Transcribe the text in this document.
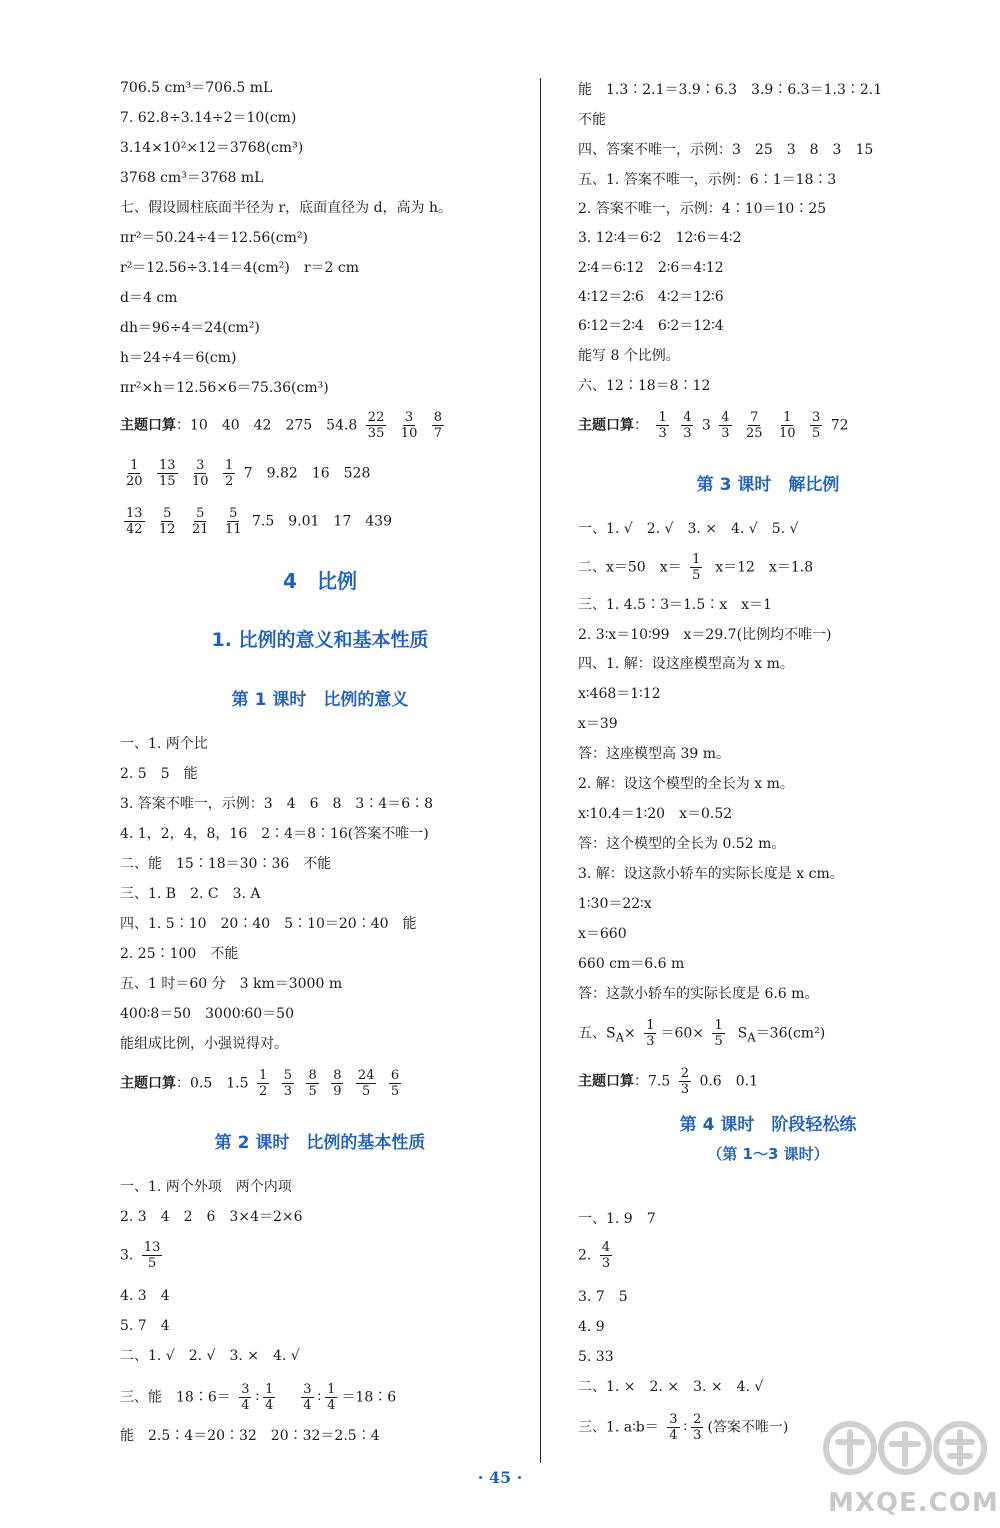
706.5 cm³＝706.5 mL
7. 62.8÷3.14÷2＝10(cm)
3.14×10²×12＝3768(cm³)
3768 cm³＝3768 mL
七、假设圆柱底面半径为 r，底面直径为 d，高为 h。
πr²＝50.24÷4＝12.56(cm²)
r²＝12.56÷3.14＝4(cm²)　r＝2 cm
d＝4 cm
dh＝96÷4＝24(cm²)
h＝24÷4＝6(cm)
πr²×h＝12.56×6＝75.36(cm³)
主题口算：10　40　42　275　$54.8 \frac{22}{35}$
$\frac{3}{10}$
$\frac{8}{7}$
$\frac{1}{20}$
$\frac{13}{15}$
$\frac{3}{10}$
$\frac{1}{2} 7$　9.82　16　528
$\frac{13}{42}$
$\frac{5}{12}$
$\frac{5}{21}$
$\frac{5}{11} 7.5$　9.01　17　439
4　比例
1. 比例的意义和基本性质
第 1 课时　比例的意义
一、1. 两个比
2. 5　5　能
3. 答案不唯一，示例：3　4　6　8　3∶4＝6∶8
4. 1，2，4，8，16　2∶4＝8∶16(答案不唯一)
二、能　15∶18＝30∶36　不能
三、1. B　2. C　3. A
四、1. 5∶10　20∶40　5∶10＝20∶40　能
2. 25∶100　不能
五、1 时＝60 分　3 km＝3000 m
400∶8＝50　3000∶60＝50
能组成比例，小强说得对。
主题口算：0.5　$1.5 \frac{1}{2}$
$\frac{5}{3}$
$\frac{8}{5}$
$\frac{8}{9}$
$\frac{24}{5}$
$\frac{6}{5}$
第 2 课时　比例的基本性质
一、1. 两个外项　两个内项
2. 3　4　2　6　3×4＝2×6
3. $\frac{13}{5}$
4. 3　4
5. 7　4
二、1. √　2. √　3. ×　4. √
三、能　18∶6＝ $\frac{3}{4}$ ∶ $\frac{1}{4}$
$\frac{3}{4}$ ∶ $\frac{1}{4}$ ＝18∶6
能　2.5∶4＝20∶32　20∶32＝2.5∶4
能　1.3∶2.1＝3.9∶6.3　3.9∶6.3＝1.3∶2.1
不能
四、答案不唯一，示例：3　25　3　8　3　15
五、1. 答案不唯一，示例：6∶1＝18∶3
2. 答案不唯一，示例：4∶10＝10∶25
3. 12∶4＝6∶2　12∶6＝4∶2
2∶4＝6∶12　2∶6＝4∶12
4∶12＝2∶6　4∶2＝12∶6
6∶12＝2∶4　6∶2＝12∶4
能写 8 个比例。
六、12∶18＝8∶12
主题口算： $\frac{1}{3}$
$\frac{4}{3} 3 \frac{4}{3}$
$\frac{7}{25}$
$\frac{1}{10}$
$\frac{3}{5} 72$
第 3 课时　解比例
一、1. √　2. √　3. ×　4. √　5. √
二、x＝50　$x= \frac{1}{5} x=12$　x＝1.8
三、1. 4.5∶3＝1.5∶x　x＝1
2. 3∶x＝10∶99　x＝29.7(比例均不唯一)
四、1. 解：设这座模型高为 x m。
x∶468＝1∶12
x＝39
答：这座模型高 39 m。
2. 解：设这个模型的全长为 x m。
x∶10.4＝1∶20　x＝0.52
答：这个模型的全长为 0.52 m。
3. 解：设这款小轿车的实际长度是 x cm。
1∶30＝22∶x
x＝660
660 cm＝6.6 m
答：这款小轿车的实际长度是 6.6 m。
五、$S_A\times \frac{1}{3} =60\times \frac{1}{5} S_A=36(cm^2)$
主题口算：$7.5 \frac{2}{3} 0.6$　0.1
第 4 课时　阶段轻松练
（第 1～3 课时）
一、1. 9　7
2. $\frac{4}{3}$
3. 7　5
4. 9
5. 33
二、1. ×　2. ×　3. ×　4. √
三、1. a∶b＝ $\frac{3}{4}$ ∶ $\frac{2}{3}$ (答案不唯一)
· 45 ·
MXQE.COM
